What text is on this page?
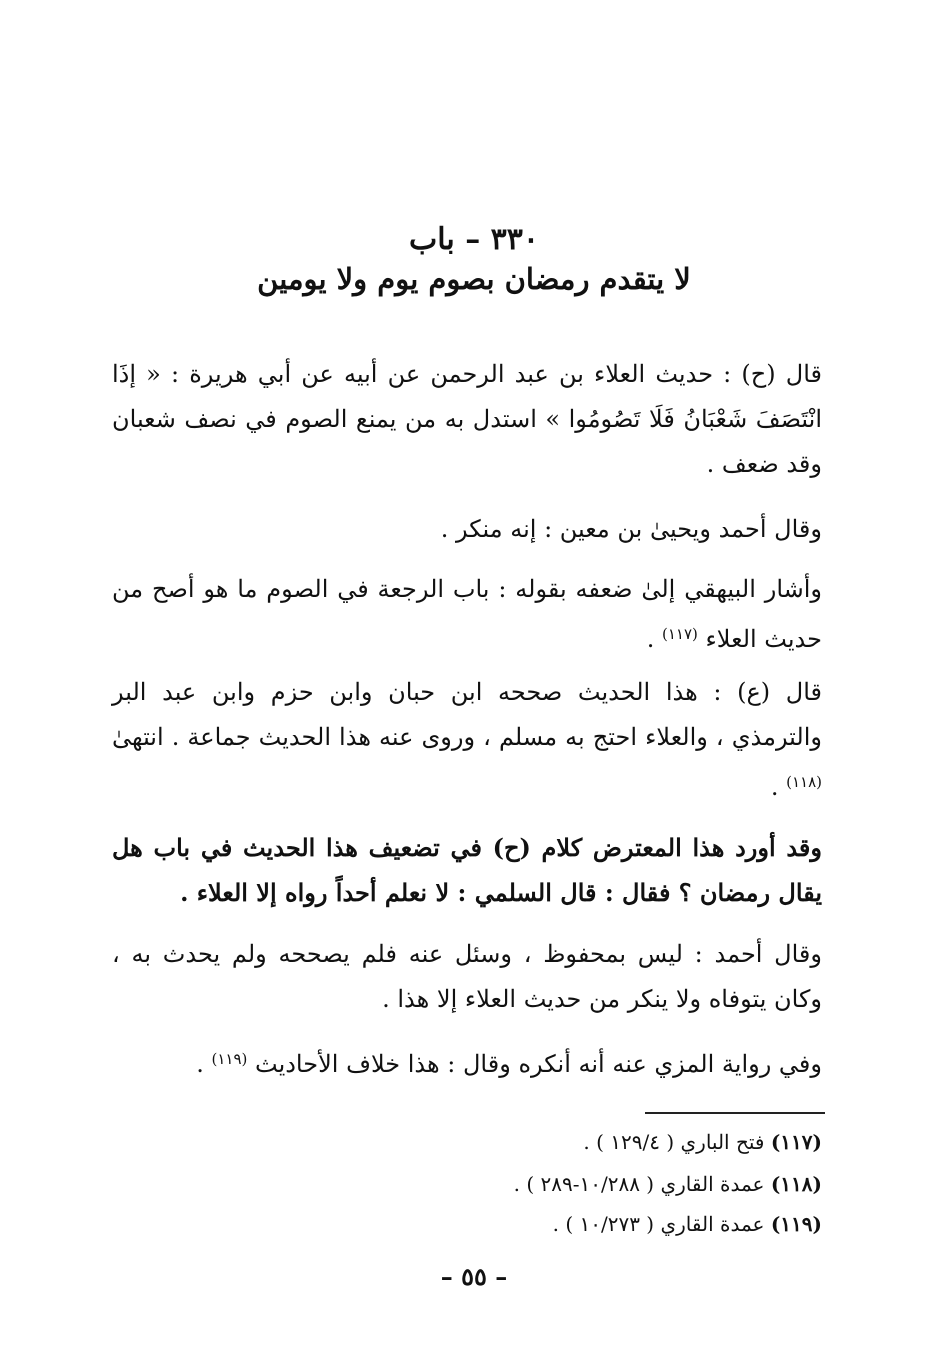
٣٣٠ – باب
لا يتقدم رمضان بصوم يوم ولا يومين
قال (ح) : حديث العلاء بن عبد الرحمن عن أبيه عن أبي هريرة : « إذَا انْتَصَفَ شَعْبَانُ فَلَا تَصُومُوا » استدل به من يمنع الصوم في نصف شعبان وقد ضعف .
وقال أحمد ويحيىٰ بن معين : إنه منكر .
وأشار البيهقي إلىٰ ضعفه بقوله : باب الرجعة في الصوم ما هو أصح من حديث العلاء $^{(١١٧)}$ .
قال (ع) : هذا الحديث صححه ابن حبان وابن حزم وابن عبد البر والترمذي ، والعلاء احتج به مسلم ، وروى عنه هذا الحديث جماعة . انتهىٰ $^{(١١٨)}$ .
وقد أورد هذا المعترض كلام (ح) في تضعيف هذا الحديث في باب هل يقال رمضان ؟ فقال : قال السلمي : لا نعلم أحداً رواه إلا العلاء .
وقال أحمد : ليس بمحفوظ ، وسئل عنه فلم يصححه ولم يحدث به ، وكان يتوفاه ولا ينكر من حديث العلاء إلا هذا .
وفي رواية المزي عنه أنه أنكره وقال : هذا خلاف الأحاديث $^{(١١٩)}$ .
(١١٧) فتح الباري ( ١٢٩/٤ ) .
(١١٨) عمدة القاري ( ١٠/٢٨٨-٢٨٩ ) .
(١١٩) عمدة القاري ( ١٠/٢٧٣ ) .
– ٥٥ –
